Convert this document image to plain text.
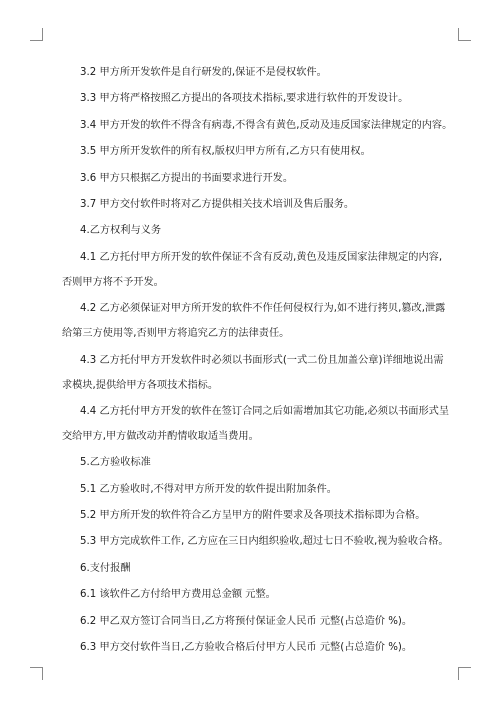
3.2 甲方所开发软件是自行研发的,保证不是侵权软件。

3.3 甲方将严格按照乙方提出的各项技术指标,要求进行软件的开发设计。

3.4 甲方开发的软件不得含有病毒,不得含有黄色,反动及违反国家法律规定的内容。

3.5 甲方所开发软件的所有权,版权归甲方所有,乙方只有使用权。

3.6 甲方只根据乙方提出的书面要求进行开发。

3.7 甲方交付软件时将对乙方提供相关技术培训及售后服务。

4.乙方权利与义务

4.1 乙方托付甲方所开发的软件保证不含有反动,黄色及违反国家法律规定的内容,否则甲方将不予开发。

4.2 乙方必须保证对甲方所开发的软件不作任何侵权行为,如不进行拷贝,篡改,泄露给第三方使用等,否则甲方将追究乙方的法律责任。

4.3 乙方托付甲方开发软件时必须以书面形式(一式二份且加盖公章)详细地说出需求模块,提供给甲方各项技术指标。

4.4 乙方托付甲方开发的软件在签订合同之后如需增加其它功能,必须以书面形式呈交给甲方,甲方做改动并酌情收取适当费用。

5.乙方验收标准

5.1 乙方验收时,不得对甲方所开发的软件提出附加条件。

5.2 甲方所开发的软件符合乙方呈甲方的附件要求及各项技术指标即为合格。

5.3 甲方完成软件工作, 乙方应在三日内组织验收,超过七日不验收,视为验收合格。

6.支付报酬

6.1 该软件乙方付给甲方费用总金额 元整。

6.2 甲乙双方签订合同当日,乙方将预付保证金人民币 元整(占总造价 %)。

6.3 甲方交付软件当日,乙方验收合格后付甲方人民币 元整(占总造价 %)。
